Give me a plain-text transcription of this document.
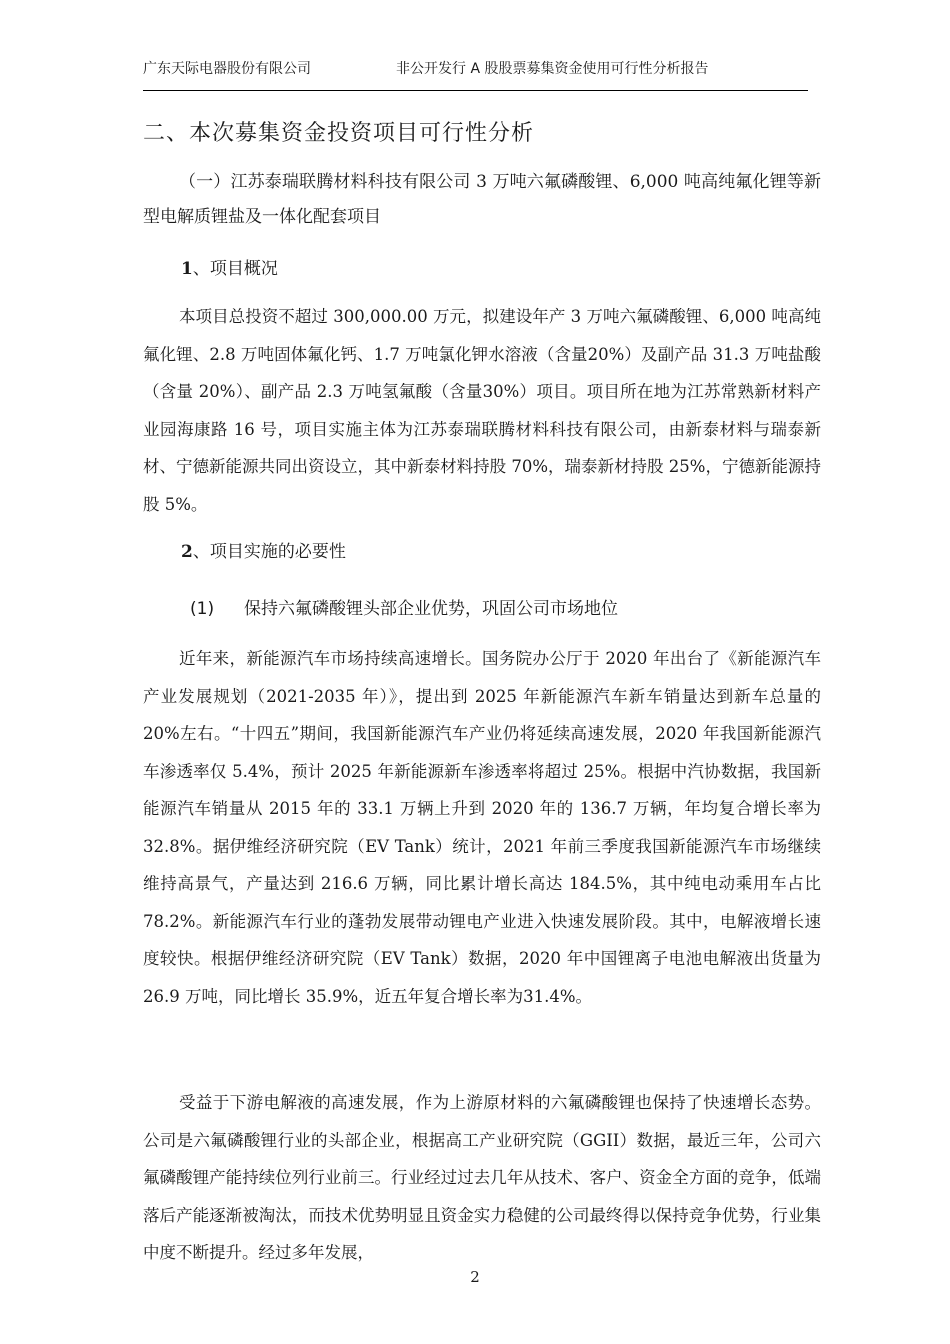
广东天际电器股份有限公司	非公开发行 A 股股票募集资金使用可行性分析报告
二、本次募集资金投资项目可行性分析
（一）江苏泰瑞联腾材料科技有限公司 3 万吨六氟磷酸锂、6,000 吨高纯氟化锂等新型电解质锂盐及一体化配套项目
1、项目概况
本项目总投资不超过 300,000.00 万元，拟建设年产 3 万吨六氟磷酸锂、6,000 吨高纯氟化锂、2.8 万吨固体氟化钙、1.7 万吨氯化钾水溶液（含量20%）及副产品 31.3 万吨盐酸（含量 20%）、副产品 2.3 万吨氢氟酸（含量30%）项目。项目所在地为江苏常熟新材料产业园海康路 16 号，项目实施主体为江苏泰瑞联腾材料科技有限公司，由新泰材料与瑞泰新材、宁德新能源共同出资设立，其中新泰材料持股 70%，瑞泰新材持股 25%，宁德新能源持股 5%。
2、项目实施的必要性
(1) 保持六氟磷酸锂头部企业优势，巩固公司市场地位
近年来，新能源汽车市场持续高速增长。国务院办公厅于 2020 年出台了《新能源汽车产业发展规划（2021-2035 年）》，提出到 2025 年新能源汽车新车销量达到新车总量的 20%左右。“十四五”期间，我国新能源汽车产业仍将延续高速发展，2020 年我国新能源汽车渗透率仅 5.4%，预计 2025 年新能源新车渗透率将超过 25%。根据中汽协数据，我国新能源汽车销量从 2015 年的 33.1 万辆上升到 2020 年的 136.7 万辆，年均复合增长率为 32.8%。据伊维经济研究院（EV Tank）统计，2021 年前三季度我国新能源汽车市场继续维持高景气，产量达到 216.6 万辆，同比累计增长高达 184.5%，其中纯电动乘用车占比78.2%。新能源汽车行业的蓬勃发展带动锂电产业进入快速发展阶段。其中，电解液增长速度较快。根据伊维经济研究院（EV Tank）数据，2020 年中国锂离子电池电解液出货量为 26.9 万吨，同比增长 35.9%，近五年复合增长率为31.4%。
受益于下游电解液的高速发展，作为上游原材料的六氟磷酸锂也保持了快速增长态势。公司是六氟磷酸锂行业的头部企业，根据高工产业研究院（GGII）数据，最近三年，公司六氟磷酸锂产能持续位列行业前三。行业经过过去几年从技术、客户、资金全方面的竞争，低端落后产能逐渐被淘汰，而技术优势明显且资金实力稳健的公司最终得以保持竞争优势，行业集中度不断提升。经过多年发展，
2
